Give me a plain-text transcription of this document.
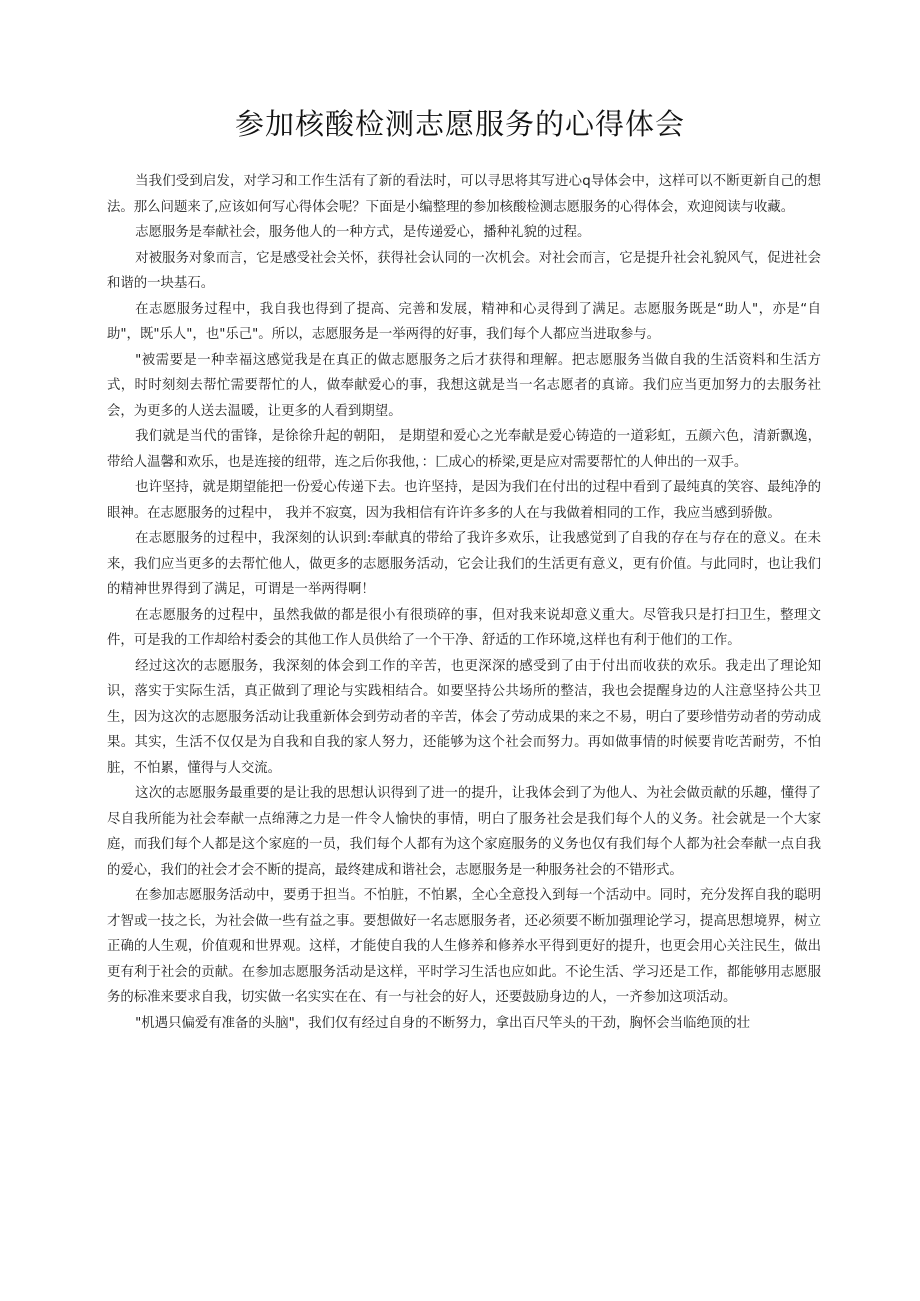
参加核酸检测志愿服务的心得体会

当我们受到启发，对学习和工作生活有了新的看法时，可以寻思将其写进心q导体会中，这样可以不断更新自己的想法。那么问题来了,应该如何写心得体会呢？下面是小编整理的参加核酸检测志愿服务的心得体会，欢迎阅读与收藏。

志愿服务是奉献社会，服务他人的一种方式，是传递爱心，播种礼貌的过程。

对被服务对象而言，它是感受社会关怀，获得社会认同的一次机会。对社会而言，它是提升社会礼貌风气，促进社会和谐的一块基石。

在志愿服务过程中，我自我也得到了提高、完善和发展，精神和心灵得到了满足。志愿服务既是“助人"，亦是“自助"，既"乐人"，也"乐己"。所以，志愿服务是一举两得的好事，我们每个人都应当进取参与。

"被需要是一种幸福这感觉我是在真正的做志愿服务之后才获得和理解。把志愿服务当做自我的生活资料和生活方式，时时刻刻去帮忙需要帮忙的人，做奉献爱心的事，我想这就是当一名志愿者的真谛。我们应当更加努力的去服务社会，为更多的人送去温暖，让更多的人看到期望。

我们就是当代的雷锋，是徐徐升起的朝阳， 是期望和爱心之光奉献是爱心铸造的一道彩虹，五颜六色，清新飘逸，带给人温馨和欢乐，也是连接的纽带，连之后你我他，：匚成心的桥梁,更是应对需要帮忙的人伸出的一双手。

也许坚持，就是期望能把一份爱心传递下去。也许坚持，是因为我们在付出的过程中看到了最纯真的笑容、最纯净的眼神。在志愿服务的过程中， 我并不寂寞，因为我相信有许许多多的人在与我做着相同的工作，我应当感到骄傲。

在志愿服务的过程中，我深刻的认识到:奉献真的带给了我许多欢乐，让我感觉到了自我的存在与存在的意义。在未来，我们应当更多的去帮忙他人，做更多的志愿服务活动，它会让我们的生活更有意义，更有价值。与此同时，也让我们的精神世界得到了满足，可谓是一举两得啊！

在志愿服务的过程中，虽然我做的都是很小有很琐碎的事，但对我来说却意义重大。尽管我只是打扫卫生，整理文件，可是我的工作却给村委会的其他工作人员供给了一个干净、舒适的工作环境,这样也有利于他们的工作。

经过这次的志愿服务，我深刻的体会到工作的辛苦，也更深深的感受到了由于付出而收获的欢乐。我走出了理论知识，落实于实际生活，真正做到了理论与实践相结合。如要坚持公共场所的整洁，我也会提醒身边的人注意坚持公共卫生，因为这次的志愿服务活动让我重新体会到劳动者的辛苦，体会了劳动成果的来之不易，明白了要珍惜劳动者的劳动成果。其实，生活不仅仅是为自我和自我的家人努力，还能够为这个社会而努力。再如做事情的时候要肯吃苦耐劳，不怕脏，不怕累，懂得与人交流。

这次的志愿服务最重要的是让我的思想认识得到了进一的提升，让我体会到了为他人、为社会做贡献的乐趣，懂得了尽自我所能为社会奉献一点绵薄之力是一件令人愉快的事情，明白了服务社会是我们每个人的义务。社会就是一个大家庭，而我们每个人都是这个家庭的一员，我们每个人都有为这个家庭服务的义务也仅有我们每个人都为社会奉献一点自我的爱心，我们的社会才会不断的提高，最终建成和谐社会，志愿服务是一种服务社会的不错形式。

在参加志愿服务活动中，要勇于担当。不怕脏，不怕累，全心全意投入到每一个活动中。同时，充分发挥自我的聪明才智或一技之长，为社会做一些有益之事。要想做好一名志愿服务者，还必须要不断加强理论学习，提高思想境界，树立正确的人生观，价值观和世界观。这样，才能使自我的人生修养和修养水平得到更好的提升，也更会用心关注民生，做出更有利于社会的贡献。在参加志愿服务活动是这样，平时学习生活也应如此。不论生活、学习还是工作，都能够用志愿服务的标准来要求自我，切实做一名实实在在、有一与社会的好人，还要鼓励身边的人，一齐参加这项活动。

"机遇只偏爱有准备的头脑"，我们仅有经过自身的不断努力，拿出百尺竿头的干劲，胸怀会当临绝顶的壮
